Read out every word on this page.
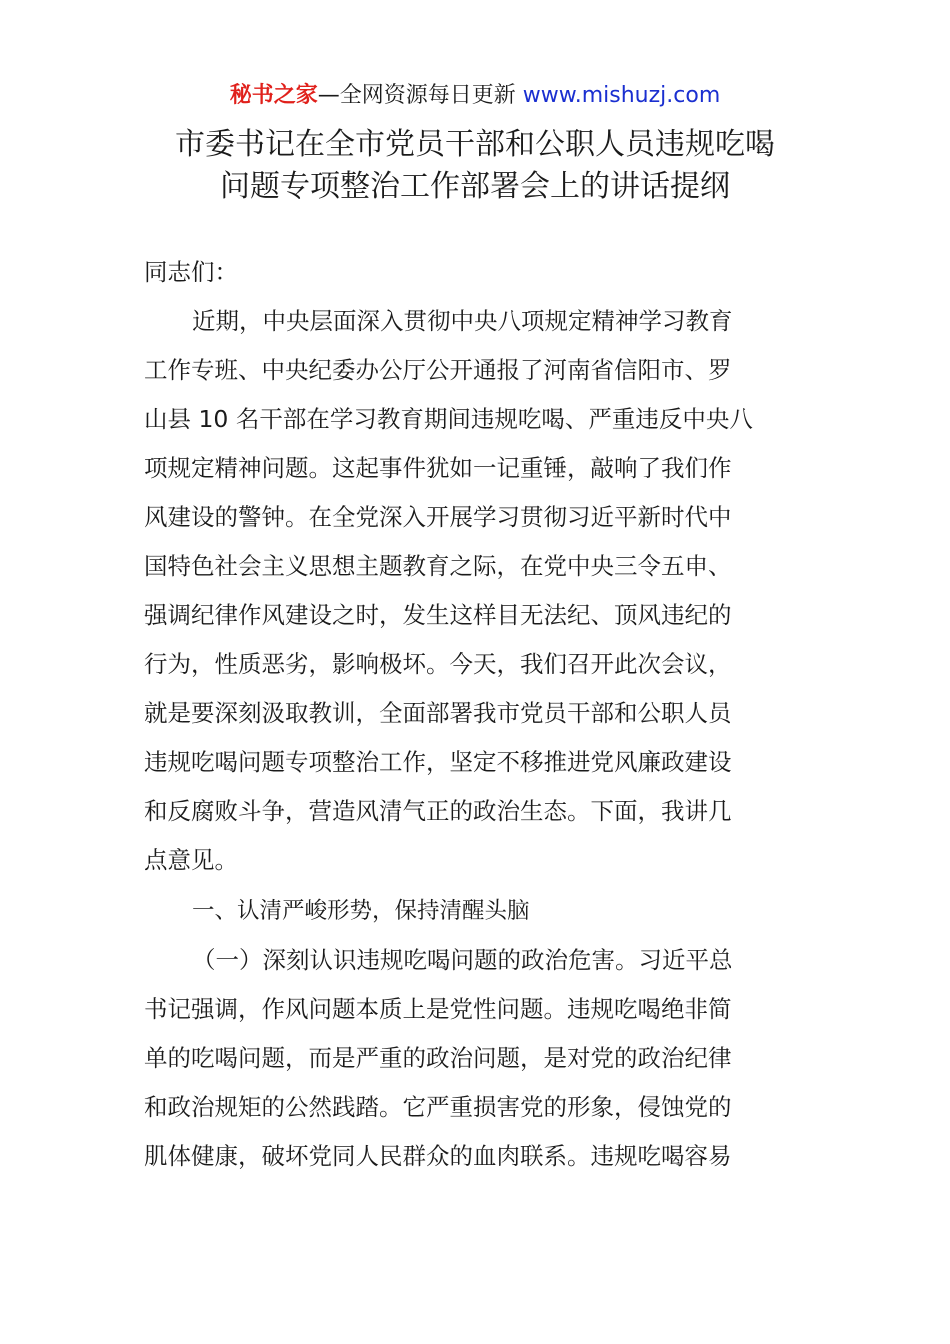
秘书之家—全网资源每日更新 www.mishuzj.com
市委书记在全市党员干部和公职人员违规吃喝
问题专项整治工作部署会上的讲话提纲
同志们：
近期，中央层面深入贯彻中央八项规定精神学习教育
工作专班、中央纪委办公厅公开通报了河南省信阳市、罗
山县 10 名干部在学习教育期间违规吃喝、严重违反中央八
项规定精神问题。这起事件犹如一记重锤，敲响了我们作
风建设的警钟。在全党深入开展学习贯彻习近平新时代中
国特色社会主义思想主题教育之际，在党中央三令五申、
强调纪律作风建设之时，发生这样目无法纪、顶风违纪的
行为，性质恶劣，影响极坏。今天，我们召开此次会议，
就是要深刻汲取教训，全面部署我市党员干部和公职人员
违规吃喝问题专项整治工作，坚定不移推进党风廉政建设
和反腐败斗争，营造风清气正的政治生态。下面，我讲几
点意见。
一、认清严峻形势，保持清醒头脑
（一）深刻认识违规吃喝问题的政治危害。习近平总
书记强调，作风问题本质上是党性问题。违规吃喝绝非简
单的吃喝问题，而是严重的政治问题，是对党的政治纪律
和政治规矩的公然践踏。它严重损害党的形象，侵蚀党的
肌体健康，破坏党同人民群众的血肉联系。违规吃喝容易
